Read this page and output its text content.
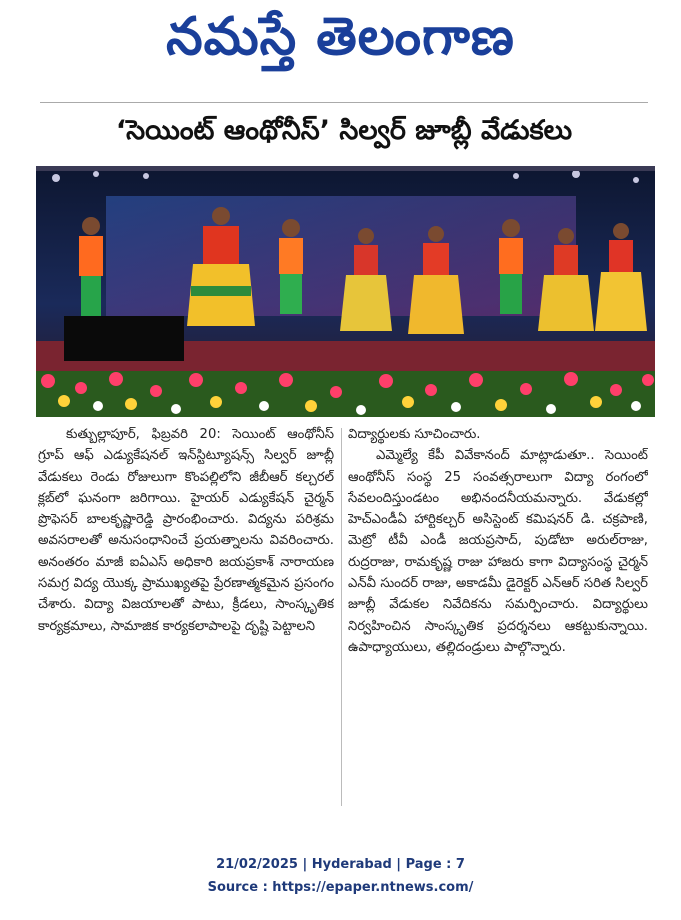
నమస్తే తెలంగాణ
‘సెయింట్ ఆంథోనీస్’ సిల్వర్ జూబ్లీ వేడుకలు

కుత్బుల్లాపూర్, ఫిబ్రవరి 20: సెయింట్ ఆంథోనీస్ గ్రూప్ ఆఫ్ ఎడ్యుకేషనల్ ఇన్‌స్టిట్యూషన్స్ సిల్వర్ జూబ్లీ వేడుకలు రెండు రోజులుగా కొంపల్లిలోని జీబీఆర్ కల్చరల్ క్లబ్‌లో ఘనంగా జరిగాయి. హైయర్ ఎడ్యుకేషన్ చైర్మన్ ప్రొఫెసర్ బాలకృష్ణారెడ్డి ప్రారంభించారు. విద్యను పరిశ్రమ అవసరాలతో అనుసంధానించే ప్రయత్నాలను వివరించారు. అనంతరం మాజీ ఐఏఎస్ అధికారి జయప్రకాశ్ నారాయణ సమగ్ర విద్య యొక్క ప్రాముఖ్యతపై ప్రేరణాత్మకమైన ప్రసంగం చేశారు. విద్యా విజయాలతో పాటు, క్రీడలు, సాంస్కృతిక కార్యక్రమాలు, సామాజిక కార్యకలాపాలపై దృష్టి పెట్టాలని

విద్యార్థులకు సూచించారు.

ఎమ్మెల్యే కేపీ వివేకానంద్ మాట్లాడుతూ.. సెయింట్ ఆంథోనీస్ సంస్థ 25 సంవత్సరాలుగా విద్యా రంగంలో సేవలందిస్తుండటం అభినందనీయమన్నారు. వేడుకల్లో హెచ్‌ఎండీఏ హార్టికల్చర్ అసిస్టెంట్ కమిషనర్ డి. చక్రపాణి, మెట్రో టీవీ ఎండీ జయప్రసాద్, పుడోటా అరుల్‌రాజు, రుద్రరాజు, రామకృష్ణ రాజు హాజరు కాగా విద్యాసంస్థ చైర్మన్ ఎన్‌వీ సుందర్ రాజు, అకాడమీ డైరెక్టర్ ఎన్‌ఆర్ సరిత సిల్వర్ జూబ్లీ వేడుకల నివేదికను సమర్పించారు. విద్యార్థులు నిర్వహించిన సాంస్కృతిక ప్రదర్శనలు ఆకట్టుకున్నాయి. ఉపాధ్యాయులు, తల్లిదండ్రులు పాల్గొన్నారు.

21/02/2025 | Hyderabad | Page : 7
Source : https://epaper.ntnews.com/
